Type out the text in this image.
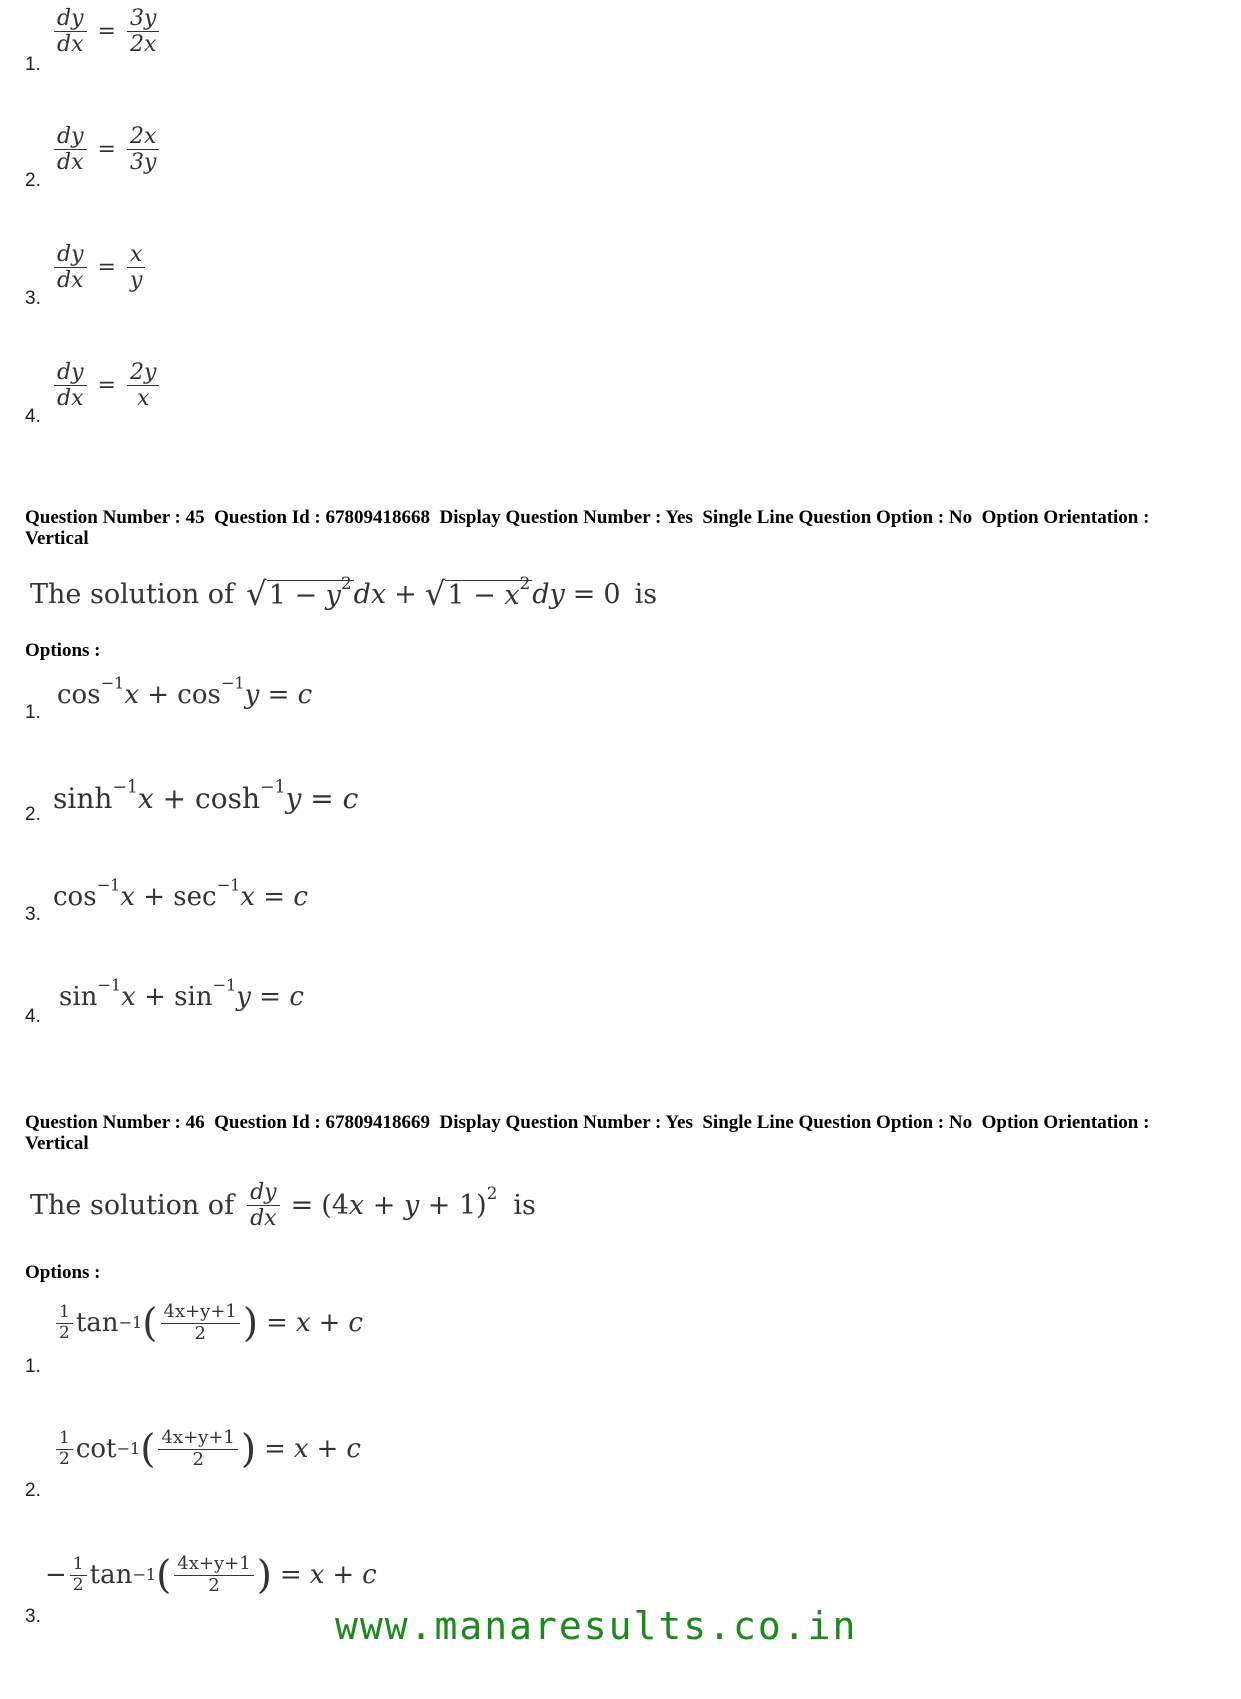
1.
$\frac{dy}{dx} = \frac{3y}{2x}$
2.
$\frac{dy}{dx} = \frac{2x}{3y}$
3.
$\frac{dy}{dx} = \frac{x}{y}$
4.
$\frac{dy}{dx} = \frac{2y}{x}$
Question Number : 45  Question Id : 67809418668  Display Question Number : Yes  Single Line Question Option : No  Option Orientation : Vertical
The solution of √ $1 - y^2$ dx + √ $1 - x^2$ dy = 0 is
Options :
1.
$\cos^{-1}x + \cos^{-1}y = c$
2. $\sinh^{-1}x + \cosh^{-1}y = c$
3.
$\cos^{-1}x + \sec^{-1}x = c$
4.
$\sin^{-1}x + \sin^{-1}y = c$
Question Number : 46  Question Id : 67809418669  Display Question Number : Yes  Single Line Question Option : No  Option Orientation : Vertical
The solution of $\frac{dy}{dx} = (4x + y + 1)^2$ is
Options :
1.
$\frac{1}{2}$ tan −1 ( $\frac{4x+y+1}{2}$ ) = x + c
2.
$\frac{1}{2}$ cot −1 ( $\frac{4x+y+1}{2}$ ) = x + c
3.
− $\frac{1}{2}$ tan −1 ( $\frac{4x+y+1}{2}$ ) = x + c
www.manaresults.co.in
